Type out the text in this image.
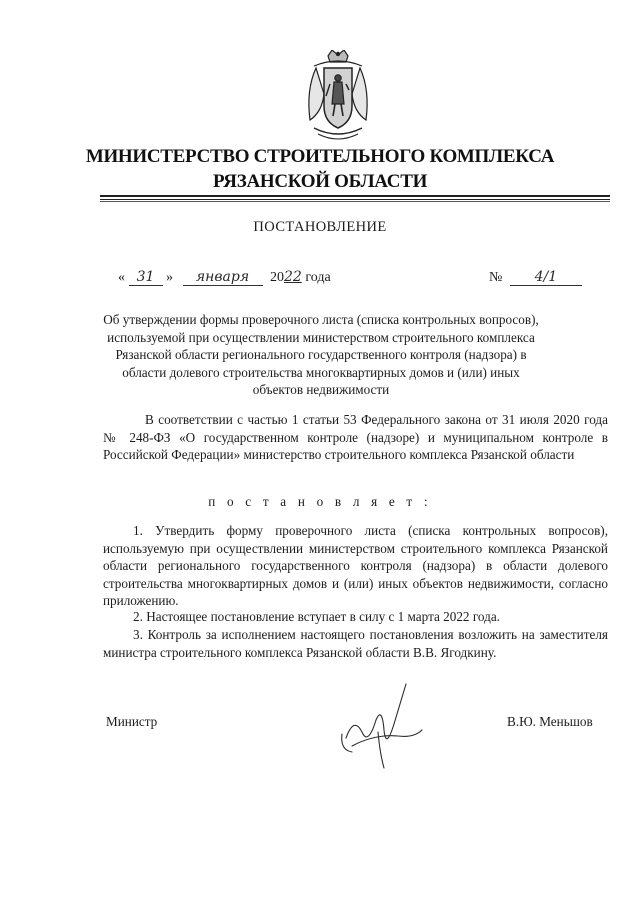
МИНИСТЕРСТВО СТРОИТЕЛЬНОГО КОМПЛЕКСА
РЯЗАНСКОЙ ОБЛАСТИ
ПОСТАНОВЛЕНИЕ
« 31 » января 2022 года	№ 4/1
Об утверждении формы проверочного листа (списка контрольных вопросов), используемой при осуществлении министерством строительного комплекса Рязанской области регионального государственного контроля (надзора) в области долевого строительства многоквартирных домов и (или) иных объектов недвижимости
В соответствии с частью 1 статьи 53 Федерального закона от 31 июля 2020 года № 248-ФЗ «О государственном контроле (надзоре) и муниципальном контроле в Российской Федерации» министерство строительного комплекса Рязанской области
п о с т а н о в л я е т :
1. Утвердить форму проверочного листа (списка контрольных вопросов), используемую при осуществлении министерством строительного комплекса Рязанской области регионального государственного контроля (надзора) в области долевого строительства многоквартирных домов и (или) иных объектов недвижимости, согласно приложению.
2. Настоящее постановление вступает в силу с 1 марта 2022 года.
3. Контроль за исполнением настоящего постановления возложить на заместителя министра строительного комплекса Рязанской области В.В. Ягодкину.
Министр	В.Ю. Меньшов
